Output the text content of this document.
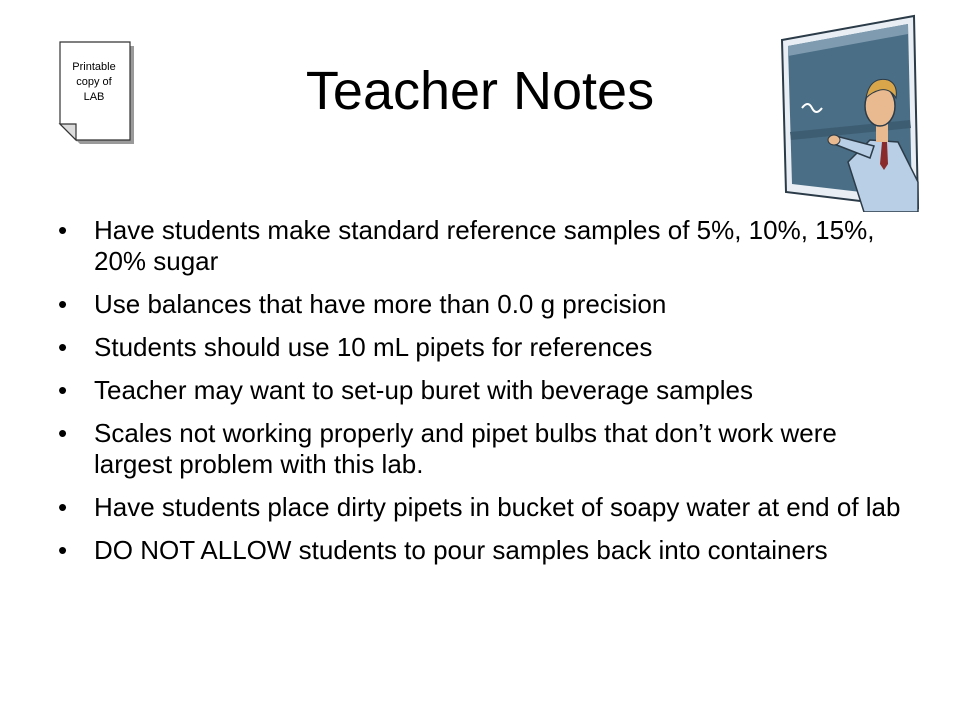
Printable
copy of
LAB	Teacher Notes
• Have students make standard reference samples of 5%, 10%, 15%, 20% sugar
• Use balances that have more than 0.0 g precision
• Students should use 10 mL pipets for references
• Teacher may want to set-up buret with beverage samples
• Scales not working properly and pipet bulbs that don’t work were largest problem with this lab.
• Have students place dirty pipets in bucket of soapy water at end of lab
• DO NOT ALLOW students to pour samples back into containers
